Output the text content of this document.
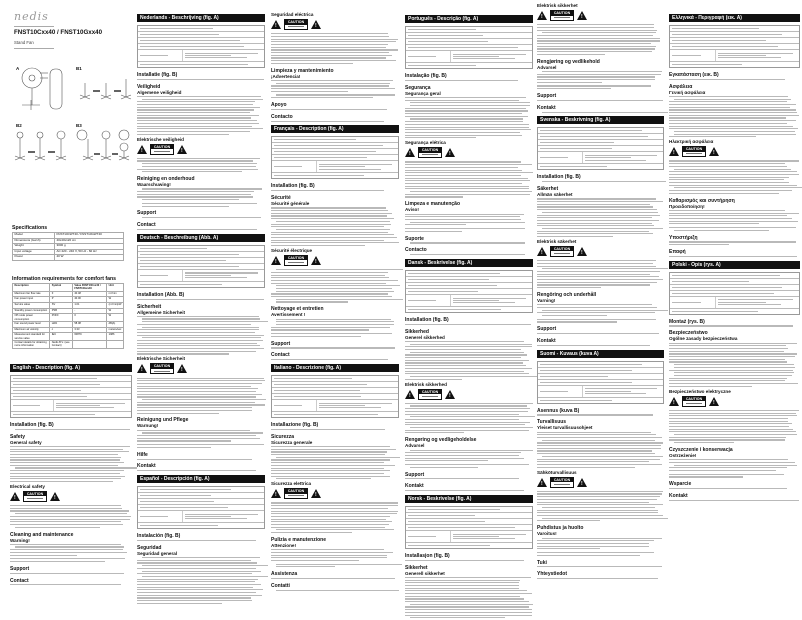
nedis
FNST10Cxx40 / FNST10Gxx40
Stand Fan
A	B1
B2	B3
Specifications
Model	FNST10CWT40 / FNST10GWT40
Dimensions (lxwxh)	40x40x120 cm
Weight	3000 g
Input voltage	AC 220 - 240 V, 50 Hz - 60 Hz
Power	40 W
Information requirements for comfort fans
Description	Symbol	Value FNST10Cxx40 / FNST10Gxx40	Unit
Maximum fan flow rate	F	40.48	m³/min
Fan power input	P	40.00	W
Service value	SV	1.01	(m³/min)/W
Standby power consumption	PSB	-	W
Off mode power consumption	POFF	0	W
Fan sound power level	LWA	58.08	dB(A)
Maximum air velocity	c	3.33	meters/sec
Measurement standard for service value	IEC	60879	1986
Contact details for obtaining more information	Nedis B.V. (see Contact)		
English - Description (fig. A)
Installation (fig. B)
Safety
General safety
Electrical safety
!
CAUTION
!
Cleaning and maintenance
Warning!
Support
Contact
Nederlands - Beschrijving (fig. A)
Installatie (fig. B)
Veiligheid
Algemene veiligheid
Elektrische veiligheid
!
CAUTION
!
Reiniging en onderhoud
Waarschuwing!
Support
Contact
Deutsch - Beschreibung (Abb. A)
Installation (Abb. B)
Sicherheit
Allgemeine Sicherheit
Elektrische Sicherheit
!
CAUTION
!
Reinigung und Pflege
Warnung!
Hilfe
Kontakt
Español - Descripción (fig. A)
Instalación (fig. B)
Seguridad
Seguridad general
Seguridad eléctrica
!
CAUTION
!
Limpieza y mantenimiento
¡Advertencia!
Apoyo
Contacto
Français - Description (fig. A)
Installation (fig. B)
Sécurité
Sécurité générale
Sécurité électrique
!
CAUTION
!
Nettoyage et entretien
Avertissement !
Support
Contact
Italiano - Descrizione (fig. A)
Installazione (fig. B)
Sicurezza
Sicurezza generale
Sicurezza elettrica
!
CAUTION
!
Pulizia e manutenzione
Attenzione!
Assistenza
Contatti
Português - Descrição (fig. A)
Instalação (fig. B)
Segurança
Segurança geral
Segurança elétrica
!
CAUTION
!
Limpeza e manutenção
Aviso!
Suporte
Contacto
Dansk - Beskrivelse (fig. A)
Installation (fig. B)
Sikkerhed
Generel sikkerhed
Elektrisk sikkerhed
!
CAUTION
!
Rengøring og vedligeholdelse
Advarsel
Support
Kontakt
Norsk - Beskrivelse (fig. A)
Installasjon (fig. B)
Sikkerhet
Generell sikkerhet
Elektrisk sikkerhet
!
CAUTION
!
Rengjøring og vedlikehold
Advarsel
Support
Kontakt
Svenska - Beskrivning (fig. A)
Installation (fig. B)
Säkerhet
Allmän säkerhet
Elektrisk säkerhet
!
CAUTION
!
Rengöring och underhåll
Varning!
Support
Kontakt
Suomi - Kuvaus (kuva A)
Asennus (kuva B)
Turvallisuus
Yleiset turvallisuusohjeet
Sähköturvallisuus
!
CAUTION
!
Puhdistus ja huolto
Varoitus!
Tuki
Yhteystiedot
Ελληνικά - Περιγραφή (εικ. A)
Εγκατάσταση (εικ. B)
Ασφάλεια
Γενική ασφάλεια
Ηλεκτρική ασφάλεια
!
CAUTION
!
Καθαρισμός και συντήρηση
Προειδοποίηση!
Υποστήριξη
Επαφή
Polski - Opis (rys. A)
Montaż (rys. B)
Bezpieczeństwo
Ogólne zasady bezpieczeństwa
Bezpieczeństwo elektryczne
!
CAUTION
!
Czyszczenie i konserwacja
Ostrzeżenie!
Wsparcie
Kontakt
